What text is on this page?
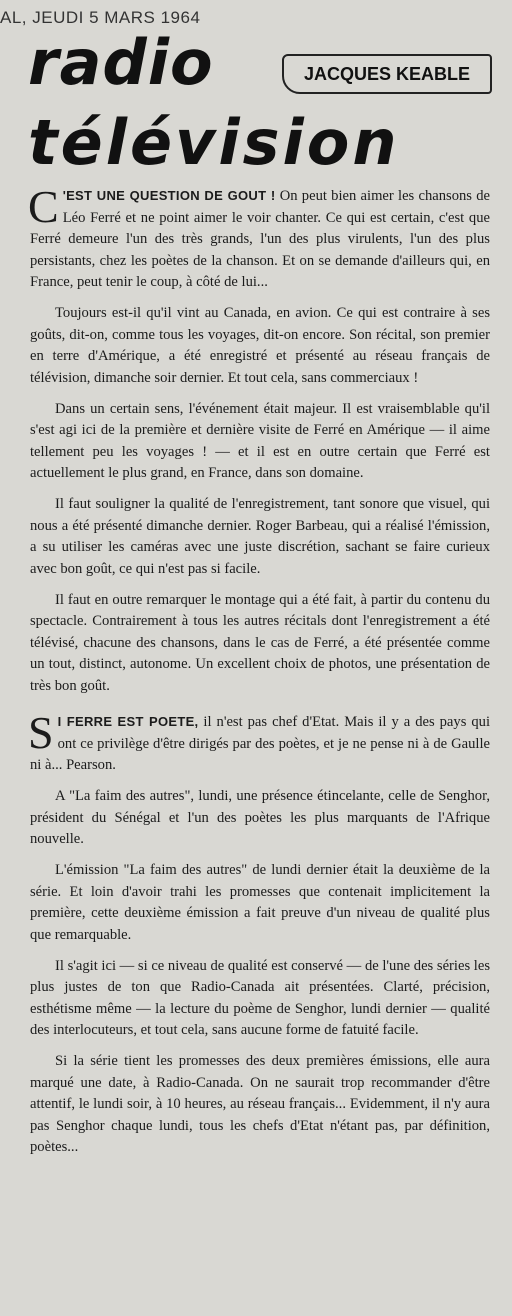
AL, JEUDI 5 MARS 1964
radio	JACQUES KEABLE
télévision

C 'EST UNE QUESTION DE GOUT ! On peut bien aimer les chansons de Léo Ferré et ne point aimer le voir chanter. Ce qui est certain, c'est que Ferré demeure l'un des très grands, l'un des plus virulents, l'un des plus persistants, chez les poètes de la chanson. Et on se demande d'ailleurs qui, en France, peut tenir le coup, à côté de lui...

Toujours est-il qu'il vint au Canada, en avion. Ce qui est contraire à ses goûts, dit-on, comme tous les voyages, dit-on encore. Son récital, son premier en terre d'Amérique, a été enregistré et présenté au réseau français de télévision, dimanche soir dernier. Et tout cela, sans commerciaux !

Dans un certain sens, l'événement était majeur. Il est vraisemblable qu'il s'est agi ici de la première et dernière visite de Ferré en Amérique — il aime tellement peu les voyages ! — et il est en outre certain que Ferré est actuellement le plus grand, en France, dans son domaine.

Il faut souligner la qualité de l'enregistrement, tant sonore que visuel, qui nous a été présenté dimanche dernier. Roger Barbeau, qui a réalisé l'émission, a su utiliser les caméras avec une juste discrétion, sachant se faire curieux avec bon goût, ce qui n'est pas si facile.

Il faut en outre remarquer le montage qui a été fait, à partir du contenu du spectacle. Contrairement à tous les autres récitals dont l'enregistrement a été télévisé, chacune des chansons, dans le cas de Ferré, a été présentée comme un tout, distinct, autonome. Un excellent choix de photos, une présentation de très bon goût.

S I FERRE EST POETE, il n'est pas chef d'Etat. Mais il y a des pays qui ont ce privilège d'être dirigés par des poètes, et je ne pense ni à de Gaulle ni à... Pearson.

A "La faim des autres", lundi, une présence étincelante, celle de Senghor, président du Sénégal et l'un des poètes les plus marquants de l'Afrique nouvelle.

L'émission "La faim des autres" de lundi dernier était la deuxième de la série. Et loin d'avoir trahi les promesses que contenait implicitement la première, cette deuxième émission a fait preuve d'un niveau de qualité plus que remarquable.

Il s'agit ici — si ce niveau de qualité est conservé — de l'une des séries les plus justes de ton que Radio-Canada ait présentées. Clarté, précision, esthétisme même — la lecture du poème de Senghor, lundi dernier — qualité des interlocuteurs, et tout cela, sans aucune forme de fatuité facile.

Si la série tient les promesses des deux premières émissions, elle aura marqué une date, à Radio-Canada. On ne saurait trop recommander d'être attentif, le lundi soir, à 10 heures, au réseau français... Evidemment, il n'y aura pas Senghor chaque lundi, tous les chefs d'Etat n'étant pas, par définition, poètes...
